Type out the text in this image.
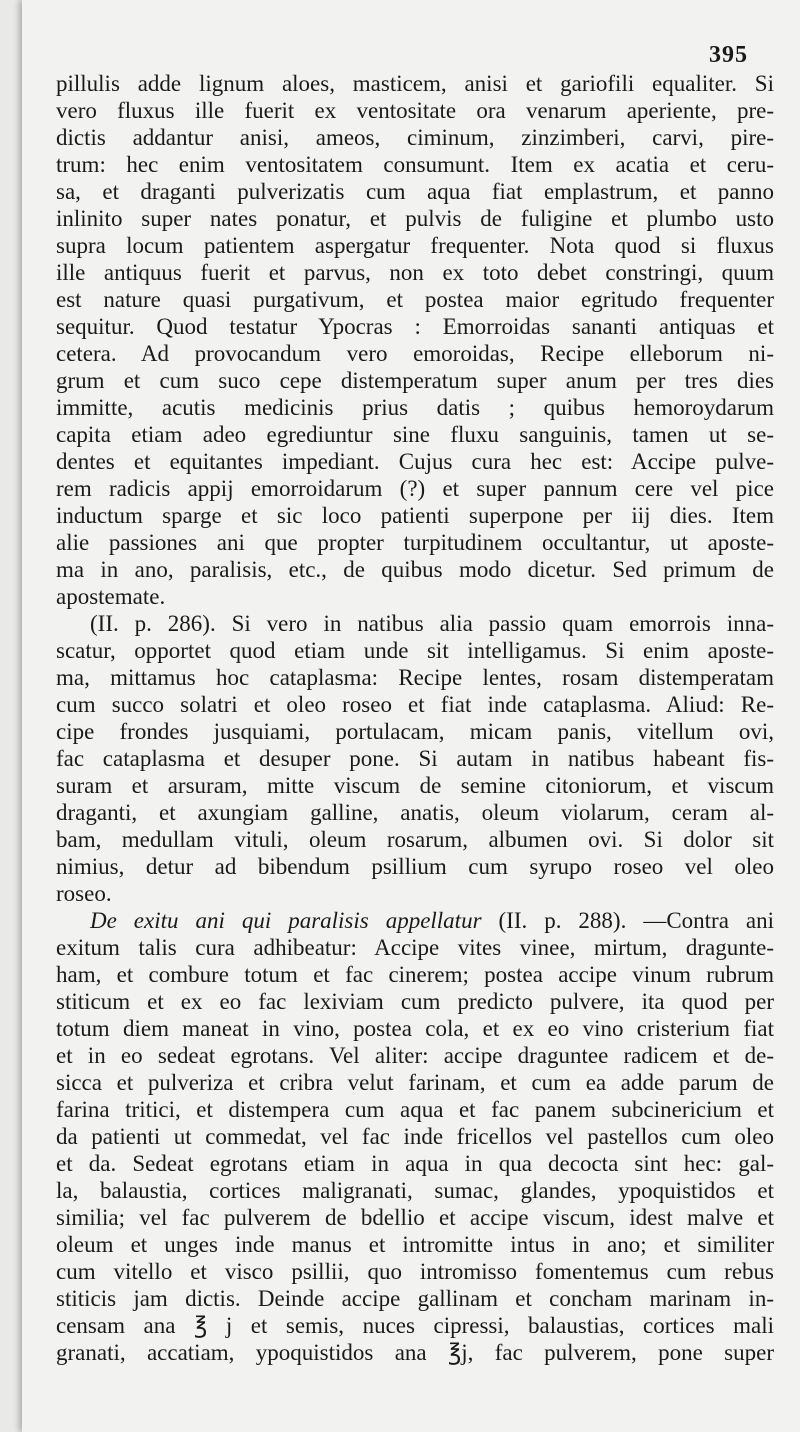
395
pillulis adde lignum aloes, masticem, anisi et gariofili equaliter. Si
vero fluxus ille fuerit ex ventositate ora venarum aperiente, pre-
dictis addantur anisi, ameos, ciminum, zinzimberi, carvi, pire-
trum: hec enim ventositatem consumunt. Item ex acatia et ceru-
sa, et draganti pulverizatis cum aqua fiat emplastrum, et panno
inlinito super nates ponatur, et pulvis de fuligine et plumbo usto
supra locum patientem aspergatur frequenter. Nota quod si fluxus
ille antiquus fuerit et parvus, non ex toto debet constringi, quum
est nature quasi purgativum, et postea maior egritudo frequenter
sequitur. Quod testatur Ypocras : Emorroidas sananti antiquas et
cetera. Ad provocandum vero emoroidas, Recipe elleborum ni-
grum et cum suco cepe distemperatum super anum per tres dies
immitte, acutis medicinis prius datis ; quibus hemoroydarum
capita etiam adeo egrediuntur sine fluxu sanguinis, tamen ut se-
dentes et equitantes impediant. Cujus cura hec est: Accipe pulve-
rem radicis appij emorroidarum (?) et super pannum cere vel pice
inductum sparge et sic loco patienti superpone per iij dies. Item
alie passiones ani que propter turpitudinem occultantur, ut aposte-
ma in ano, paralisis, etc., de quibus modo dicetur. Sed primum de
apostemate.
(II. p. 286). Si vero in natibus alia passio quam emorrois inna-
scatur, opportet quod etiam unde sit intelligamus. Si enim aposte-
ma, mittamus hoc cataplasma: Recipe lentes, rosam distemperatam
cum succo solatri et oleo roseo et fiat inde cataplasma. Aliud: Re-
cipe frondes jusquiami, portulacam, micam panis, vitellum ovi,
fac cataplasma et desuper pone. Si autam in natibus habeant fis-
suram et arsuram, mitte viscum de semine citoniorum, et viscum
draganti, et axungiam galline, anatis, oleum violarum, ceram al-
bam, medullam vituli, oleum rosarum, albumen ovi. Si dolor sit
nimius, detur ad bibendum psillium cum syrupo roseo vel oleo
roseo.
De exitu ani qui paralisis appellatur (II. p. 288). —Contra ani
exitum talis cura adhibeatur: Accipe vites vinee, mirtum, dragunte-
ham, et combure totum et fac cinerem; postea accipe vinum rubrum
stiticum et ex eo fac lexiviam cum predicto pulvere, ita quod per
totum diem maneat in vino, postea cola, et ex eo vino cristerium fiat
et in eo sedeat egrotans. Vel aliter: accipe draguntee radicem et de-
sicca et pulveriza et cribra velut farinam, et cum ea adde parum de
farina tritici, et distempera cum aqua et fac panem subcinericium et
da patienti ut commedat, vel fac inde fricellos vel pastellos cum oleo
et da. Sedeat egrotans etiam in aqua in qua decocta sint hec: gal-
la, balaustia, cortices maligranati, sumac, glandes, ypoquistidos et
similia; vel fac pulverem de bdellio et accipe viscum, idest malve et
oleum et unges inde manus et intromitte intus in ano; et similiter
cum vitello et visco psillii, quo intromisso fomentemus cum rebus
stiticis jam dictis. Deinde accipe gallinam et concham marinam in-
censam ana ℥ j et semis, nuces cipressi, balaustias, cortices mali
granati, accatiam, ypoquistidos ana ℥j, fac pulverem, pone super
